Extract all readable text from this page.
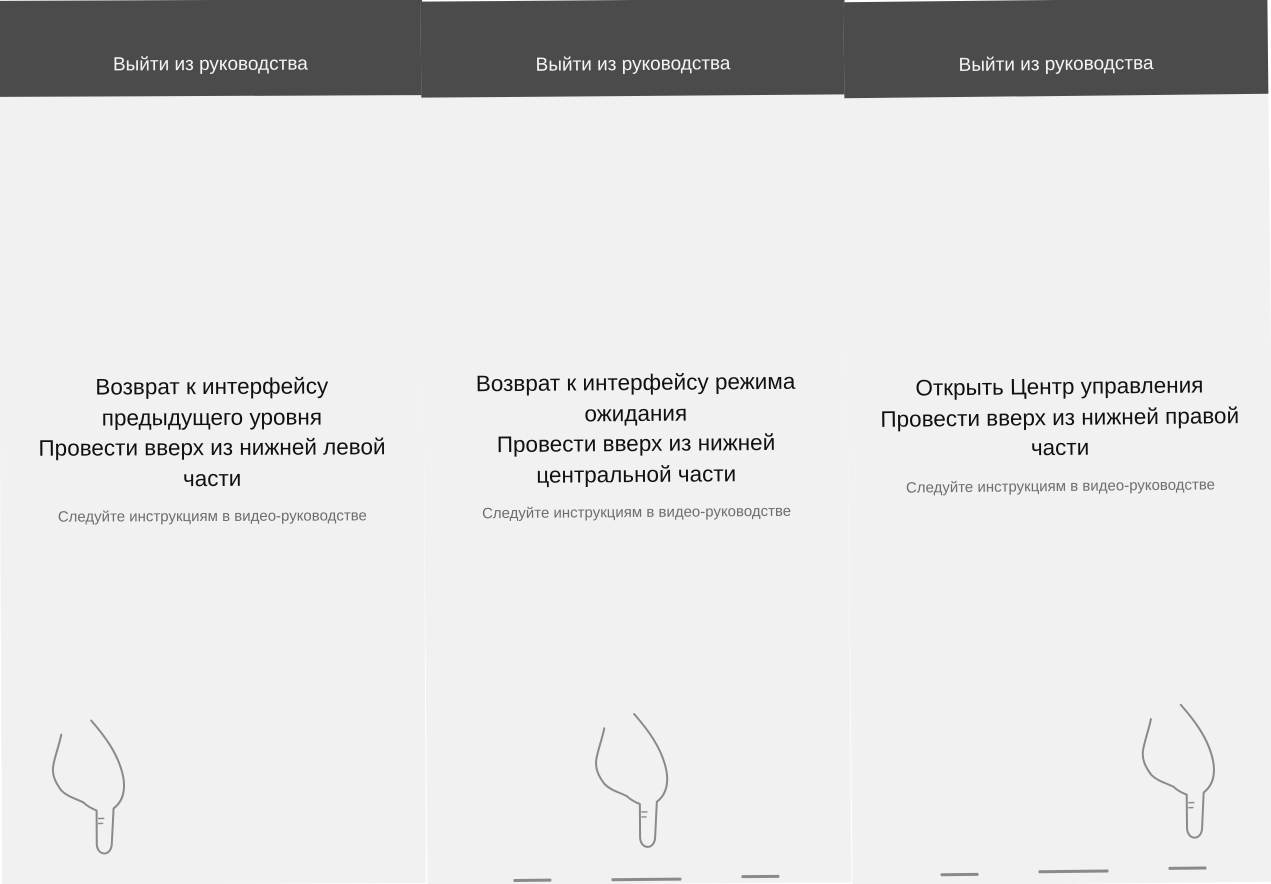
Выйти из руководства

Возврат к интерфейсу

предыдущего уровня

Провести вверх из нижней левой

части

Следуйте инструкциям в видео-руководстве
Выйти из руководства

Возврат к интерфейсу режима

ожидания

Провести вверх из нижней

центральной части

Следуйте инструкциям в видео-руководстве
Выйти из руководства

Открыть Центр управления

Провести вверх из нижней правой

части

Следуйте инструкциям в видео-руководстве
